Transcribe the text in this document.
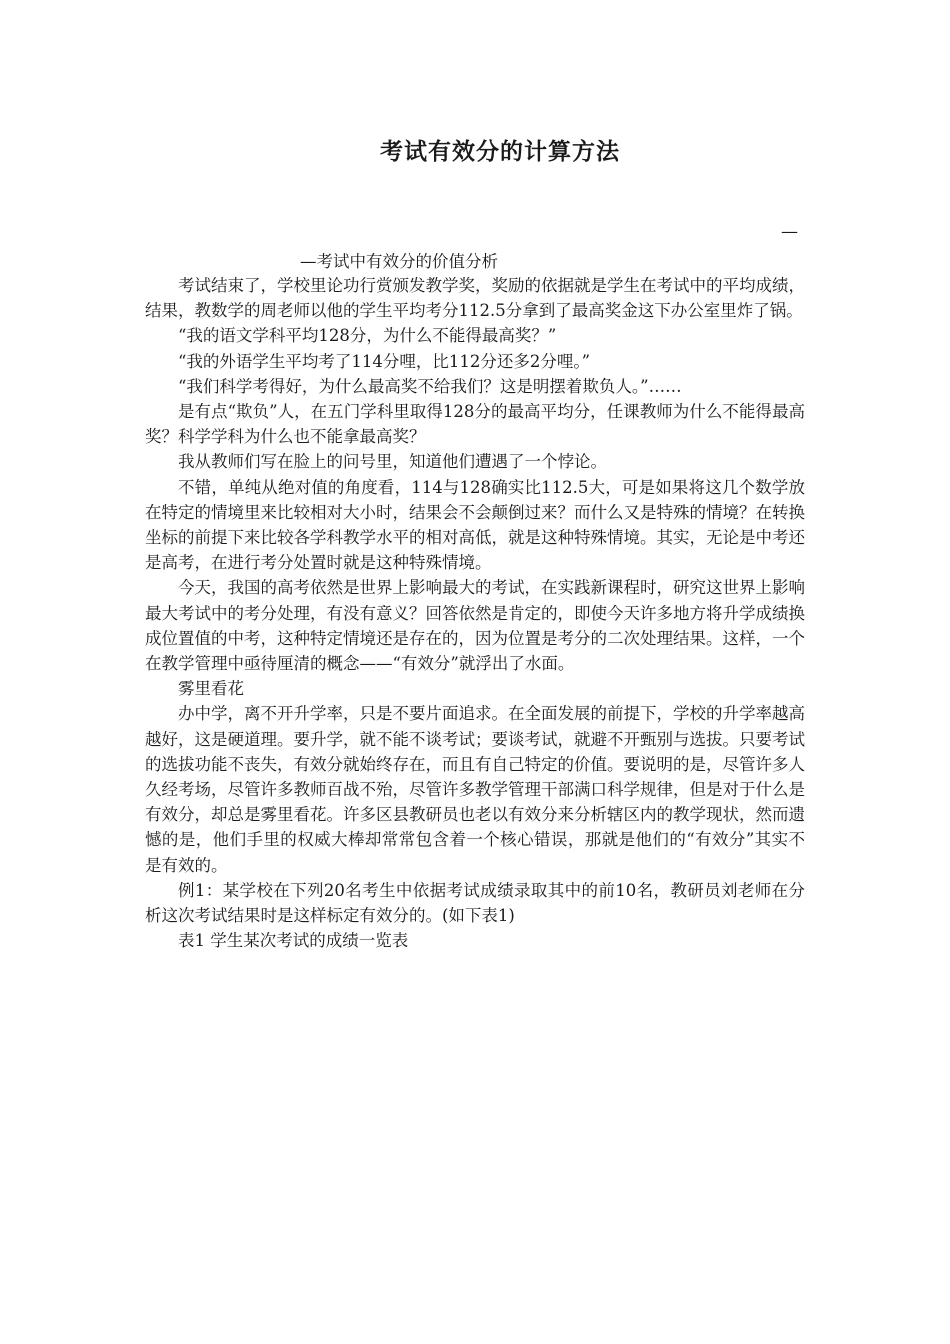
考试有效分的计算方法

—

—考试中有效分的价值分析

考试结束了，学校里论功行赏颁发教学奖，奖励的依据就是学生在考试中的平均成绩，结果，教数学的周老师以他的学生平均考分112.5分拿到了最高奖金这下办公室里炸了锅。

“我的语文学科平均128分，为什么不能得最高奖？”

“我的外语学生平均考了114分哩，比112分还多2分哩。”

“我们科学考得好，为什么最高奖不给我们？这是明摆着欺负人。”……

是有点“欺负”人，在五门学科里取得128分的最高平均分，任课教师为什么不能得最高奖？科学学科为什么也不能拿最高奖？

我从教师们写在脸上的问号里，知道他们遭遇了一个悖论。

不错，单纯从绝对值的角度看，114与128确实比112.5大，可是如果将这几个数学放在特定的情境里来比较相对大小时，结果会不会颠倒过来？而什么又是特殊的情境？在转换坐标的前提下来比较各学科教学水平的相对高低，就是这种特殊情境。其实，无论是中考还是高考，在进行考分处置时就是这种特殊情境。

今天，我国的高考依然是世界上影响最大的考试，在实践新课程时，研究这世界上影响最大考试中的考分处理，有没有意义？回答依然是肯定的，即使今天许多地方将升学成绩换成位置值的中考，这种特定情境还是存在的，因为位置是考分的二次处理结果。这样，一个在教学管理中亟待厘清的概念——“有效分”就浮出了水面。

雾里看花

办中学，离不开升学率，只是不要片面追求。在全面发展的前提下，学校的升学率越高越好，这是硬道理。要升学，就不能不谈考试；要谈考试，就避不开甄别与选拔。只要考试的选拔功能不丧失，有效分就始终存在，而且有自己特定的价值。要说明的是，尽管许多人久经考场，尽管许多教师百战不殆，尽管许多教学管理干部满口科学规律，但是对于什么是有效分，却总是雾里看花。许多区县教研员也老以有效分来分析辖区内的教学现状，然而遗憾的是，他们手里的权威大棒却常常包含着一个核心错误，那就是他们的“有效分”其实不是有效的。

例1：某学校在下列20名考生中依据考试成绩录取其中的前10名，教研员刘老师在分析这次考试结果时是这样标定有效分的。(如下表1)

表1 学生某次考试的成绩一览表
